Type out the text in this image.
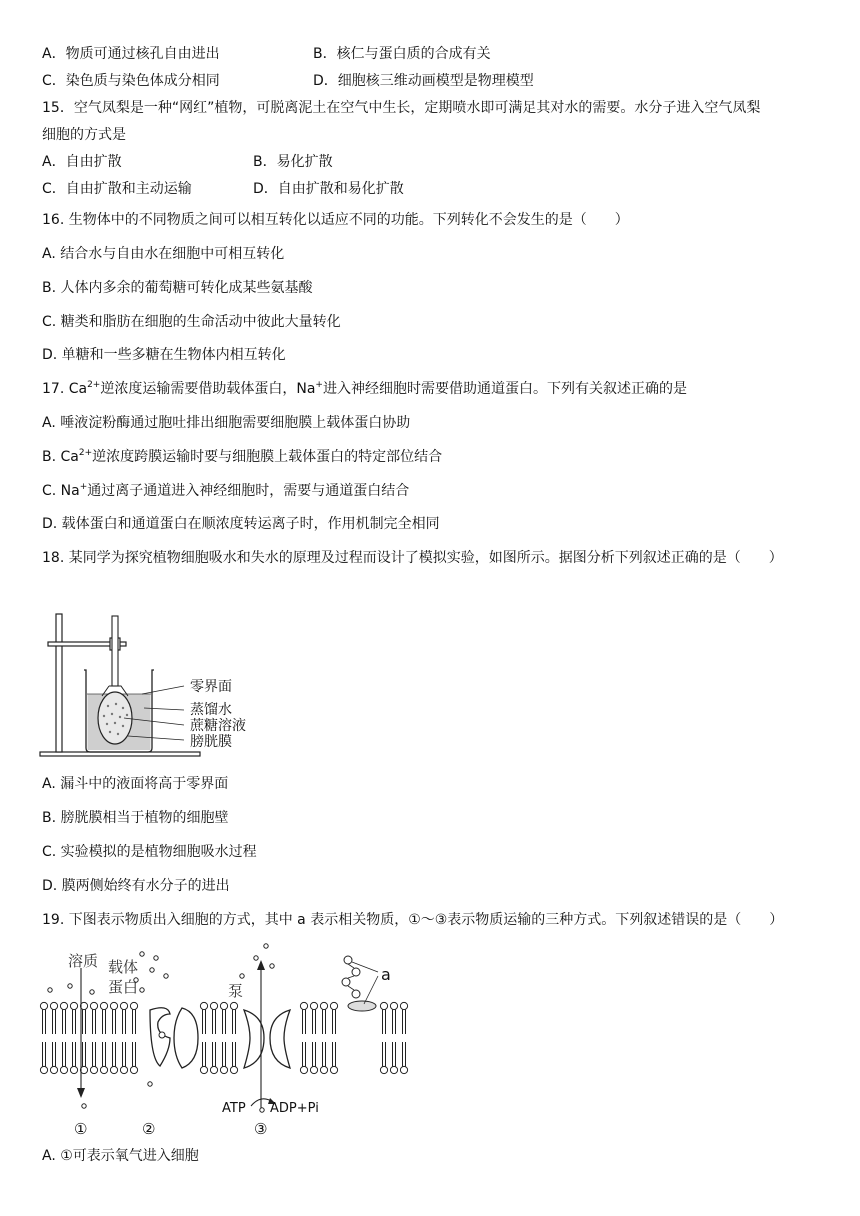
A．物质可通过核孔自由进出	B．核仁与蛋白质的合成有关
C．染色质与染色体成分相同	D．细胞核三维动画模型是物理模型
15．空气凤梨是一种“网红”植物，可脱离泥土在空气中生长，定期喷水即可满足其对水的需要。水分子进入空气凤梨
细胞的方式是
A．自由扩散	B．易化扩散
C．自由扩散和主动运输	D．自由扩散和易化扩散
16. 生物体中的不同物质之间可以相互转化以适应不同的功能。下列转化不会发生的是（　　）
A. 结合水与自由水在细胞中可相互转化
B. 人体内多余的葡萄糖可转化成某些氨基酸
C. 糖类和脂肪在细胞的生命活动中彼此大量转化
D. 单糖和一些多糖在生物体内相互转化
17. $Ca^{2+}$逆浓度运输需要借助载体蛋白，Na+进入神经细胞时需要借助通道蛋白。下列有关叙述正确的是
A. 唾液淀粉酶通过胞吐排出细胞需要细胞膜上载体蛋白协助
B. $Ca^{2+}$逆浓度跨膜运输时要与细胞膜上载体蛋白的特定部位结合
C. Na+通过离子通道进入神经细胞时，需要与通道蛋白结合
D. 载体蛋白和通道蛋白在顺浓度转运离子时，作用机制完全相同
18. 某同学为探究植物细胞吸水和失水的原理及过程而设计了模拟实验，如图所示。据图分析下列叙述正确的是（　　）
零界面
蒸馏水
蔗糖溶液
膀胱膜
A. 漏斗中的液面将高于零界面
B. 膀胱膜相当于植物的细胞壁
C. 实验模拟的是植物细胞吸水过程
D. 膜两侧始终有水分子的进出
19. 下图表示物质出入细胞的方式，其中 a 表示相关物质，①～③表示物质运输的三种方式。下列叙述错误的是（　　）
a
溶质 载体
蛋白	泵
ATP ADP+Pi
①	②	③
A. ①可表示氧气进入细胞
